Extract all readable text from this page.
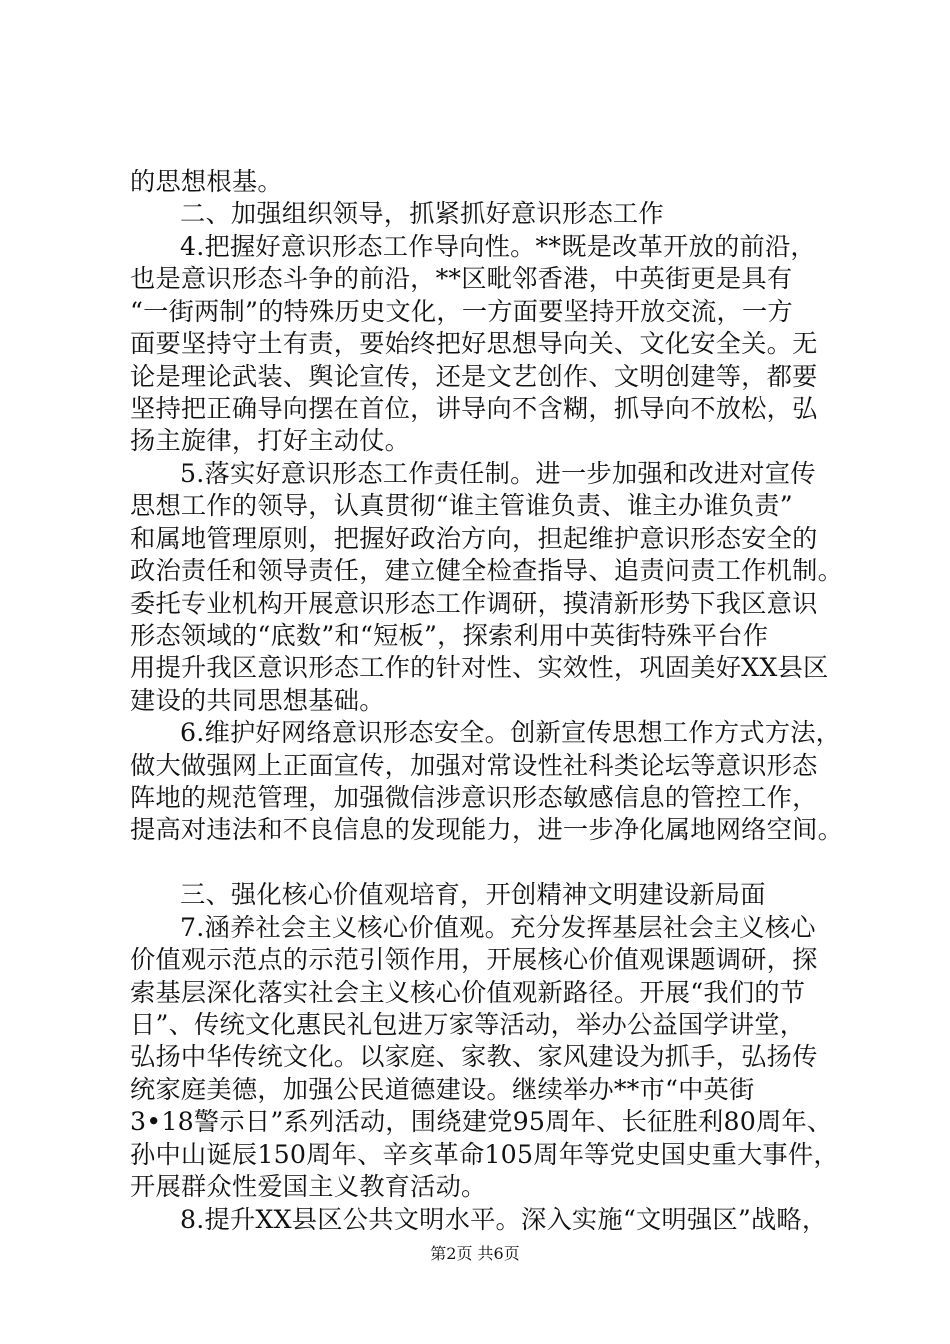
的思想根基。
二、加强组织领导，抓紧抓好意识形态工作
4.把握好意识形态工作导向性。**既是改革开放的前沿，
也是意识形态斗争的前沿，**区毗邻香港，中英街更是具有
“一街两制”的特殊历史文化，一方面要坚持开放交流，一方
面要坚持守土有责，要始终把好思想导向关、文化安全关。无
论是理论武装、舆论宣传，还是文艺创作、文明创建等，都要
坚持把正确导向摆在首位，讲导向不含糊，抓导向不放松，弘
扬主旋律，打好主动仗。
5.落实好意识形态工作责任制。进一步加强和改进对宣传
思想工作的领导，认真贯彻“谁主管谁负责、谁主办谁负责”
和属地管理原则，把握好政治方向，担起维护意识形态安全的
政治责任和领导责任，建立健全检查指导、追责问责工作机制。
委托专业机构开展意识形态工作调研，摸清新形势下我区意识
形态领域的“底数”和“短板”，探索利用中英街特殊平台作
用提升我区意识形态工作的针对性、实效性，巩固美好XX县区
建设的共同思想基础。
6.维护好网络意识形态安全。创新宣传思想工作方式方法，
做大做强网上正面宣传，加强对常设性社科类论坛等意识形态
阵地的规范管理，加强微信涉意识形态敏感信息的管控工作，
提高对违法和不良信息的发现能力，进一步净化属地网络空间。
三、强化核心价值观培育，开创精神文明建设新局面
7.涵养社会主义核心价值观。充分发挥基层社会主义核心
价值观示范点的示范引领作用，开展核心价值观课题调研，探
索基层深化落实社会主义核心价值观新路径。开展“我们的节
日”、传统文化惠民礼包进万家等活动，举办公益国学讲堂，
弘扬中华传统文化。以家庭、家教、家风建设为抓手，弘扬传
统家庭美德，加强公民道德建设。继续举办**市“中英街
3•18警示日”系列活动，围绕建党95周年、长征胜利80周年、
孙中山诞辰150周年、辛亥革命105周年等党史国史重大事件，
第2页 共6页
开展群众性爱国主义教育活动。
8.提升XX县区公共文明水平。深入实施“文明强区”战略，
